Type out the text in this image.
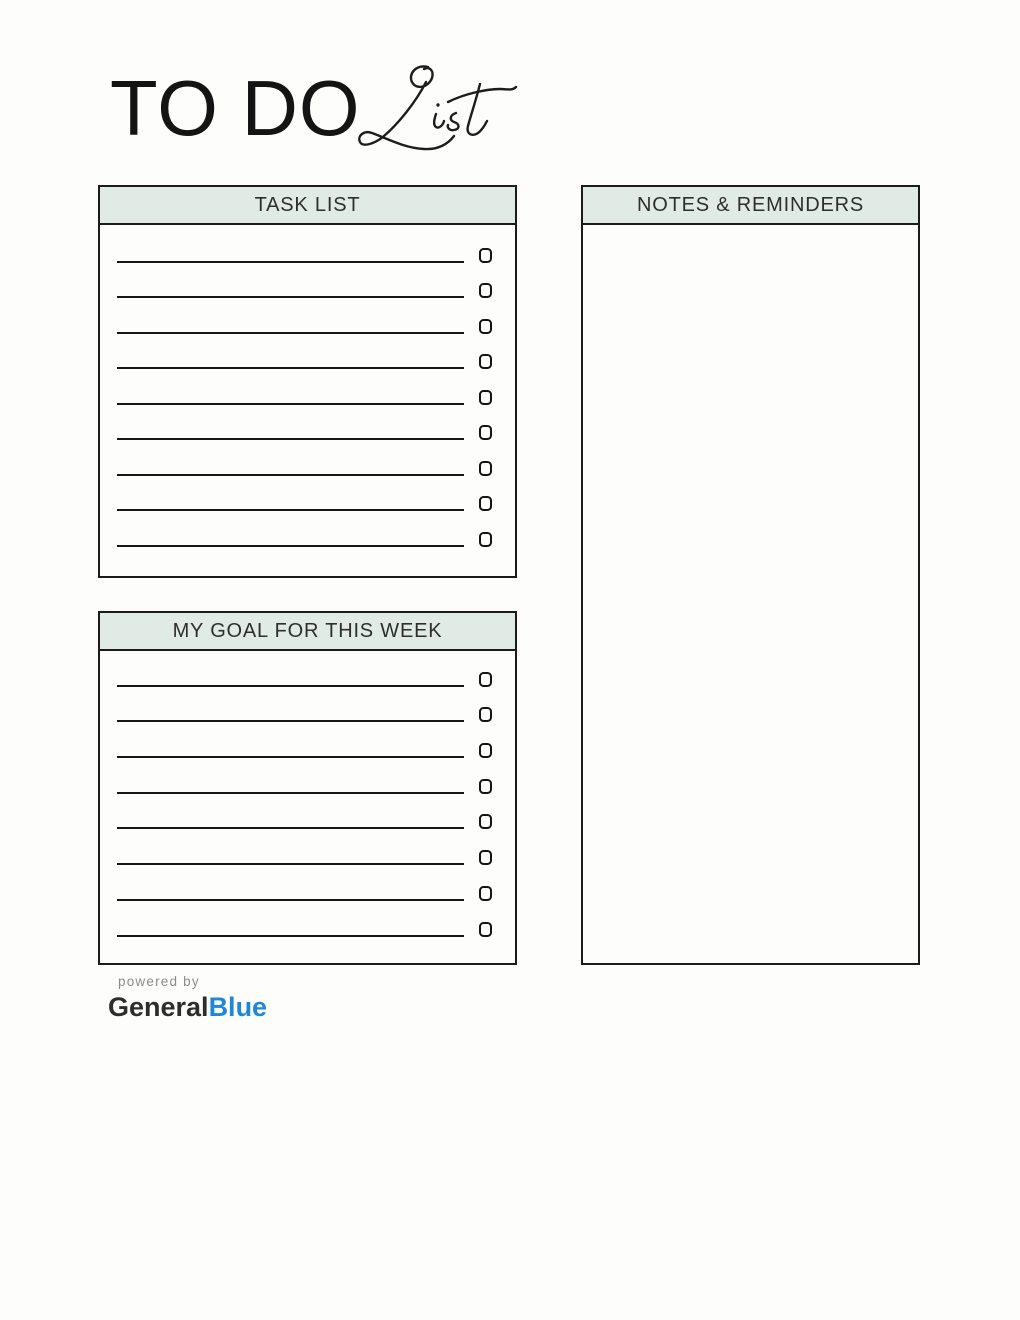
TO DO
TASK LIST
MY GOAL FOR THIS WEEK
NOTES & REMINDERS
powered by
GeneralBlue
